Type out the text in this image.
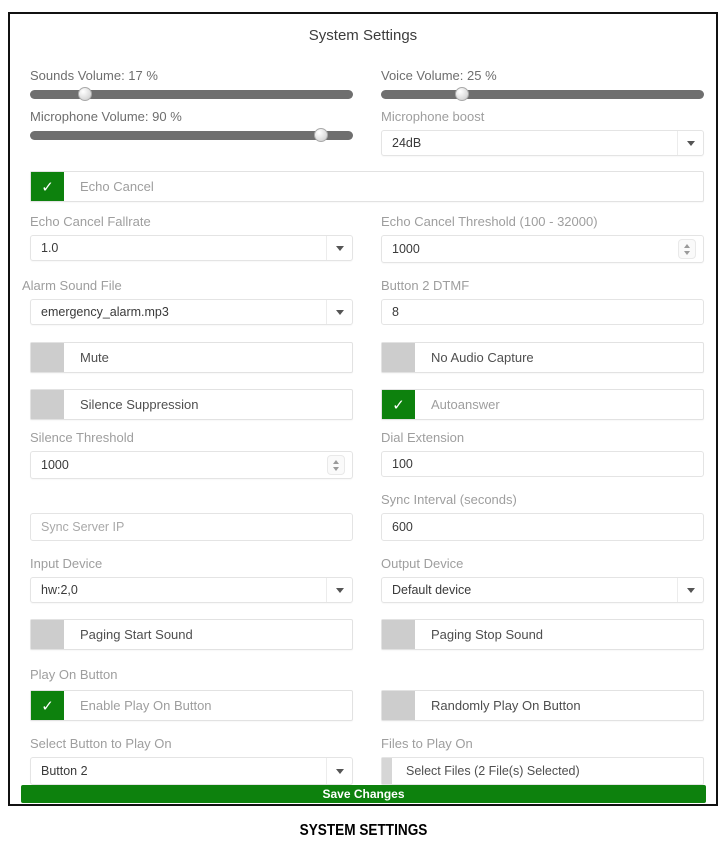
System Settings
Sounds Volume: 17 %
Microphone Volume: 90 %
Voice Volume: 25 %
Microphone boost
24dB
✓ Echo Cancel
Echo Cancel Fallrate
1.0
Echo Cancel Threshold (100 - 32000)
1000
Alarm Sound File
emergency_alarm.mp3
Button 2 DTMF
8
Mute	No Audio Capture
Silence Suppression	✓ Autoanswer
Silence Threshold
1000
Dial Extension
100
Sync Server IP
Sync Interval (seconds)
600
Input Device
hw:2,0
Output Device
Default device
Paging Start Sound	Paging Stop Sound
Play On Button
✓ Enable Play On Button	Randomly Play On Button
Select Button to Play On
Button 2
Files to Play On
Select Files (2 File(s) Selected)
Save Changes
SYSTEM SETTINGS
